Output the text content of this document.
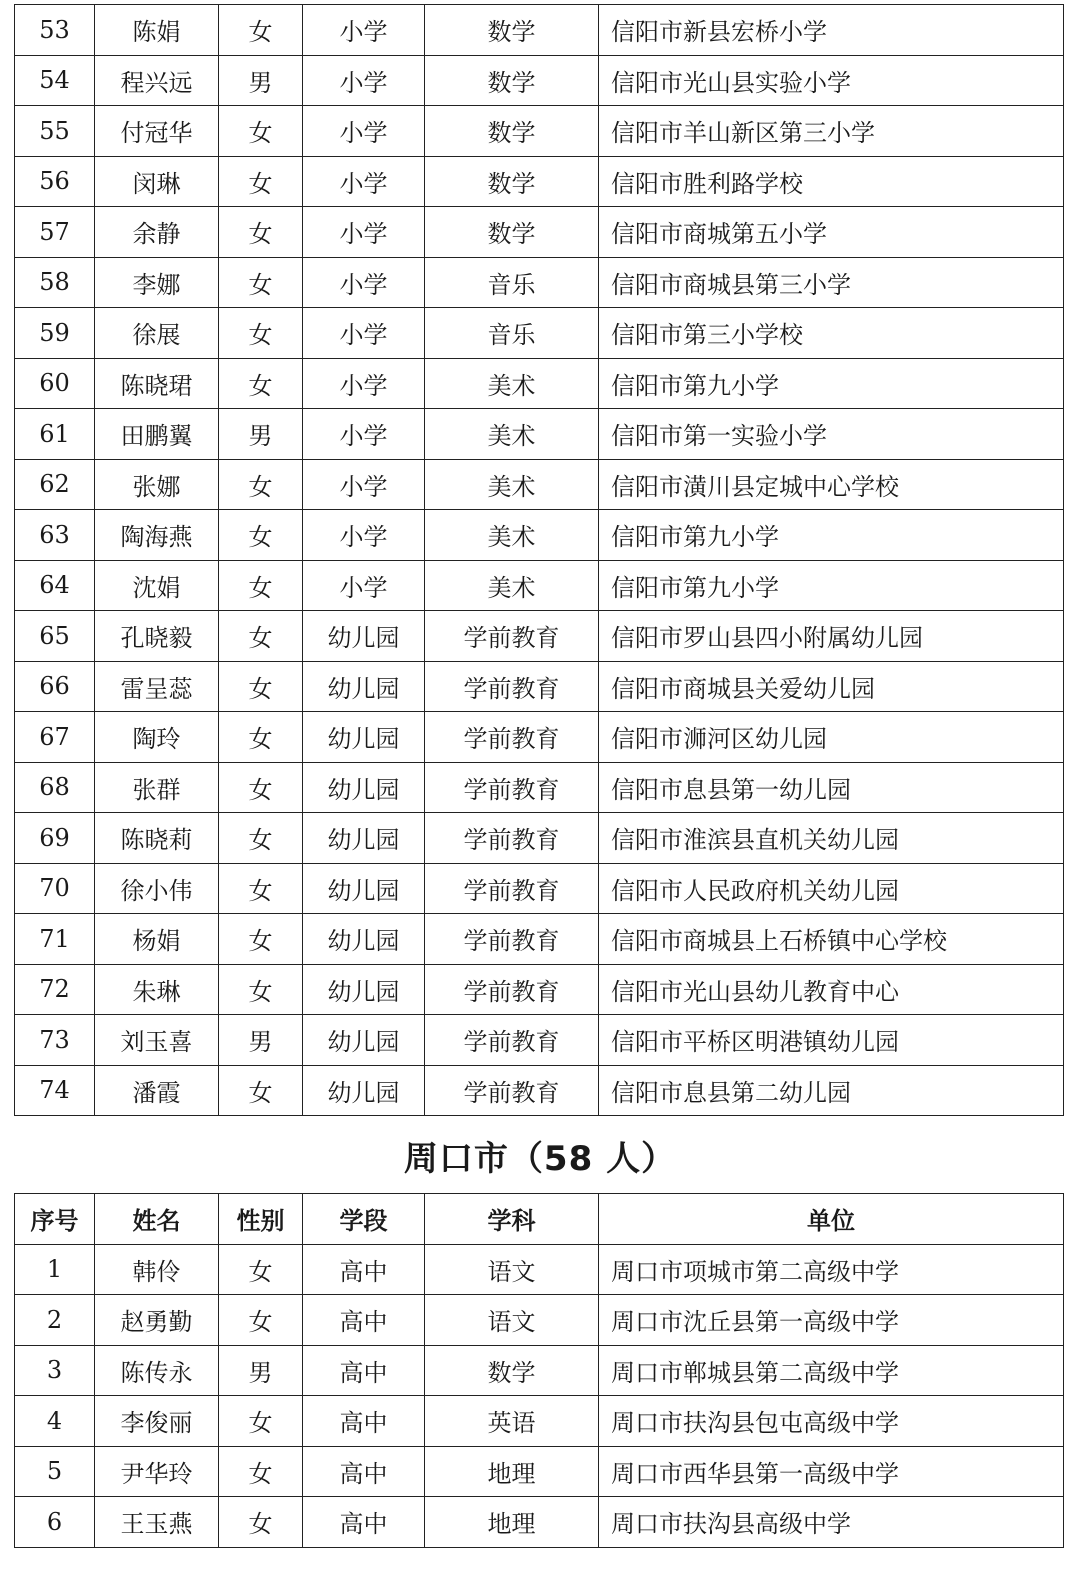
53	陈娟	女	小学	数学	信阳市新县宏桥小学
54	程兴远	男	小学	数学	信阳市光山县实验小学
55	付冠华	女	小学	数学	信阳市羊山新区第三小学
56	闵琳	女	小学	数学	信阳市胜利路学校
57	余静	女	小学	数学	信阳市商城第五小学
58	李娜	女	小学	音乐	信阳市商城县第三小学
59	徐展	女	小学	音乐	信阳市第三小学校
60	陈晓珺	女	小学	美术	信阳市第九小学
61	田鹏翼	男	小学	美术	信阳市第一实验小学
62	张娜	女	小学	美术	信阳市潢川县定城中心学校
63	陶海燕	女	小学	美术	信阳市第九小学
64	沈娟	女	小学	美术	信阳市第九小学
65	孔晓毅	女	幼儿园	学前教育	信阳市罗山县四小附属幼儿园
66	雷呈蕊	女	幼儿园	学前教育	信阳市商城县关爱幼儿园
67	陶玲	女	幼儿园	学前教育	信阳市浉河区幼儿园
68	张群	女	幼儿园	学前教育	信阳市息县第一幼儿园
69	陈晓莉	女	幼儿园	学前教育	信阳市淮滨县直机关幼儿园
70	徐小伟	女	幼儿园	学前教育	信阳市人民政府机关幼儿园
71	杨娟	女	幼儿园	学前教育	信阳市商城县上石桥镇中心学校
72	朱琳	女	幼儿园	学前教育	信阳市光山县幼儿教育中心
73	刘玉喜	男	幼儿园	学前教育	信阳市平桥区明港镇幼儿园
74	潘霞	女	幼儿园	学前教育	信阳市息县第二幼儿园
周口市（58 人）
序号	姓名	性别	学段	学科	单位
1	韩伶	女	高中	语文	周口市项城市第二高级中学
2	赵勇勤	女	高中	语文	周口市沈丘县第一高级中学
3	陈传永	男	高中	数学	周口市郸城县第二高级中学
4	李俊丽	女	高中	英语	周口市扶沟县包屯高级中学
5	尹华玲	女	高中	地理	周口市西华县第一高级中学
6	王玉燕	女	高中	地理	周口市扶沟县高级中学
